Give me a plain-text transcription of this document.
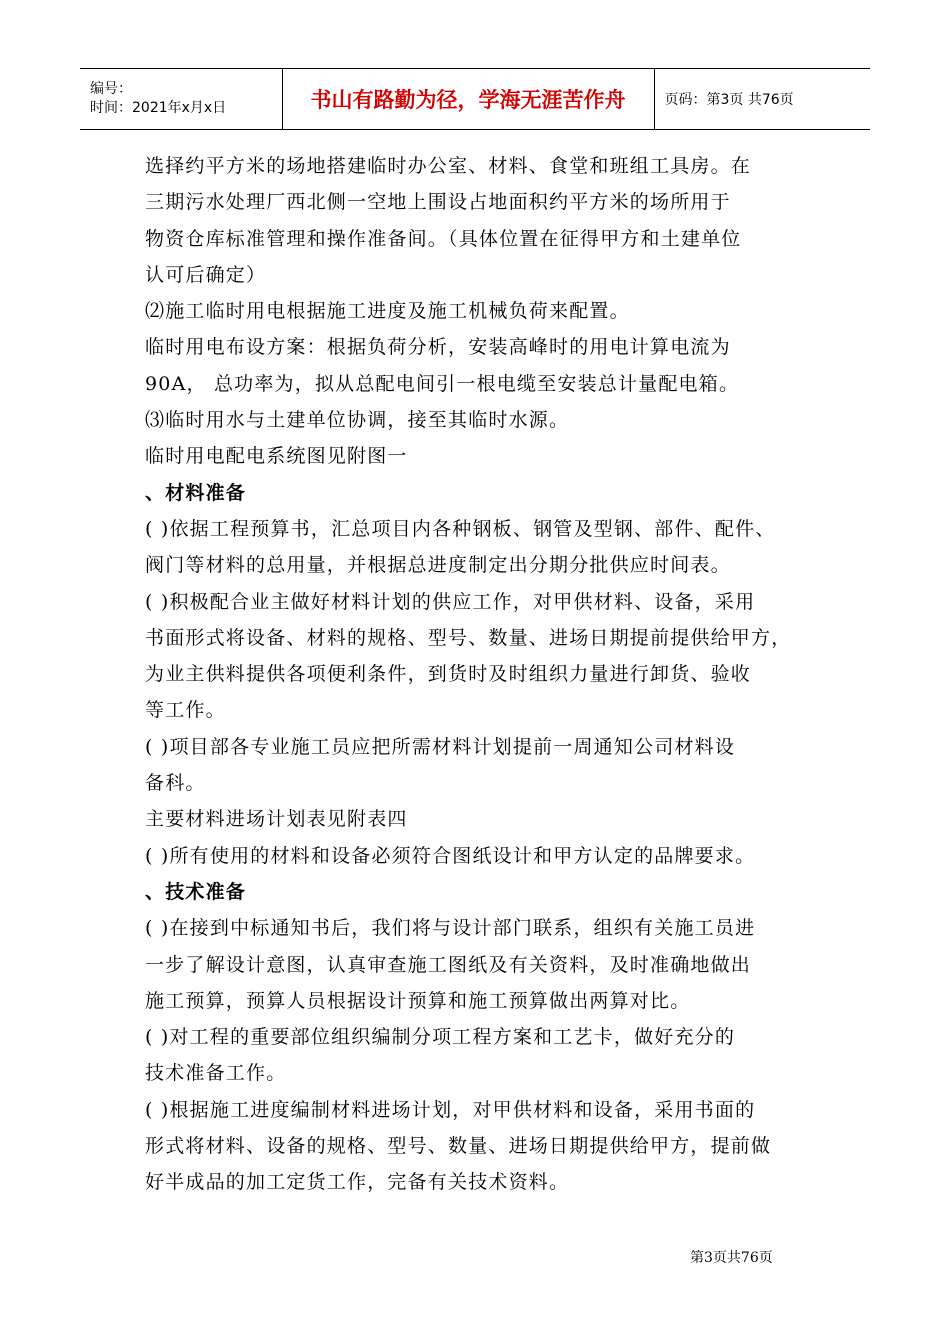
编号：
时间：2021年x月x日	书山有路勤为径，学海无涯苦作舟	页码：第3页 共76页

选择约平方米的场地搭建临时办公室、材料、食堂和班组工具房。在

三期污水处理厂西北侧一空地上围设占地面积约平方米的场所用于

物资仓库标准管理和操作准备间。（具体位置在征得甲方和土建单位

认可后确定）

⑵施工临时用电根据施工进度及施工机械负荷来配置。

临时用电布设方案：根据负荷分析，安装高峰时的用电计算电流为

90A， 总功率为，拟从总配电间引一根电缆至安装总计量配电箱。

⑶临时用水与土建单位协调，接至其临时水源。

临时用电配电系统图见附图一

、材料准备

( )依据工程预算书，汇总项目内各种钢板、钢管及型钢、部件、配件、

阀门等材料的总用量，并根据总进度制定出分期分批供应时间表。

( )积极配合业主做好材料计划的供应工作，对甲供材料、设备，采用

书面形式将设备、材料的规格、型号、数量、进场日期提前提供给甲方，

为业主供料提供各项便利条件，到货时及时组织力量进行卸货、验收

等工作。

( )项目部各专业施工员应把所需材料计划提前一周通知公司材料设

备科。

主要材料进场计划表见附表四

( )所有使用的材料和设备必须符合图纸设计和甲方认定的品牌要求。

、技术准备

( )在接到中标通知书后，我们将与设计部门联系，组织有关施工员进

一步了解设计意图，认真审查施工图纸及有关资料，及时准确地做出

施工预算，预算人员根据设计预算和施工预算做出两算对比。

( )对工程的重要部位组织编制分项工程方案和工艺卡，做好充分的

技术准备工作。

( )根据施工进度编制材料进场计划，对甲供材料和设备，采用书面的

形式将材料、设备的规格、型号、数量、进场日期提供给甲方，提前做

好半成品的加工定货工作，完备有关技术资料。

第3页共76页
